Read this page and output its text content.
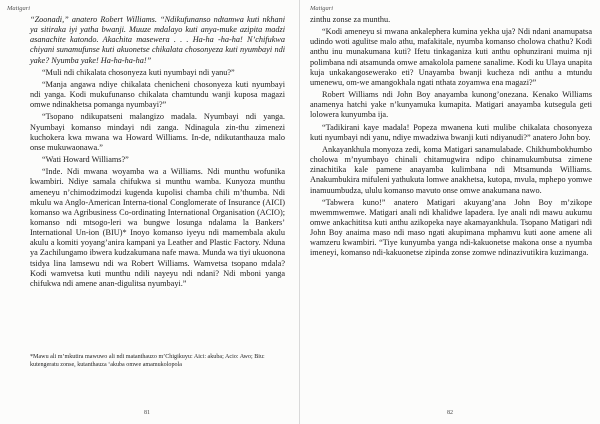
Matigari

“Zoonadi,” anatero Robert Williams. “Ndikufunanso ndtamwa kuti nkhani ya sitiraka iyi yatha bwanji. Muuze mdalayo kuti anya-muke azipita madzi asanachite katondo. Akachita masewera . . . Ha-ha -ha-ha! N’chifukwa chiyani sunamufunse kuti akuonetse chikalata chosonyeza kuti nyumbayi ndi yake? Nyumba yake! Ha-ha-ha-ha!”

“Muli ndi chikalata chosonyeza kuti nyumbayi ndi yanu?”

“Manja angawa ndiye chikalata chenicheni chosonyeza kuti nyumbayi ndi yanga. Kodi mukufunanso chikalata chamtundu wanji kuposa magazi omwe ndinakhetsa pomanga nyumbayi?”

“Tsopano ndikupatseni malangizo madala. Nyumbayi ndi yanga. Nyumbayi komanso mindayi ndi zanga. Ndinagula zin-thu zimenezi kuchokera kwa mwana wa Howard Williams. In-de, ndikutanthauza malo onse mukuwaonawa.”

“Wati Howard Williams?”

“Inde. Ndi mwana woyamba wa a Williams. Ndi munthu wofunika kwambiri. Ndiye samala chifukwa si munthu wamba. Kunyoza munthu ameneyu n’chimodzimodzi kugenda kupolisi chamba chili m’thumba. Ndi mkulu wa Anglo-American Interna-tional Conglomerate of Insurance (AICI) komanso wa Agribusiness Co-ordinating International Organisation (ACIO); komanso ndi mtsogo-leri wa bungwe losunga ndalama la Bankers’ International Un-ion (BIU)* Inoyo komanso iyeyu ndi mamembala akulu akulu a komiti yoyang’anira kampani ya Leather and Plastic Factory. Nduna ya Zachilungamo ibwera kudzakumana nafe mawa. Munda wa tiyi ukuonona tsidya lina lamsewu ndi wa Robert Williams. Wamvetsa tsopano mdala? Kodi wamvetsa kuti munthu ndili nayeyu ndi ndani? Ndi mboni yanga chifukwa ndi amene anan-digulitsa nyumbayi.”

*Mawu ali m’mkutira mawuwo ali ndi matanthauzo m’Chigikuyu: Aici: akuba; Acio: Awo; Biu: kutengeratu zonse, kutanthauza ‘akuba omwe amamukolopola
81
Matigari

zinthu zonse za munthu.

“Kodi ameneyu si mwana ankalephera kumina yekha uja? Ndi ndani anamupatsa udindo woti agulitse malo athu, mafakitale, nyumba komanso cholowa chathu? Kodi anthu inu munakumana kuti? Ifetu tinkaganiza kuti anthu ophunzirani muima nji polimbana ndi atsamunda omwe amakolola pamene sanalime. Kodi ku Ulaya unapita kuja unkakangosewerako eti? Unayamba bwanji kucheza ndi anthu a mtundu umenewu, om-we amangokhala ngati nthata zoyamwa ena magazi?”

Robert Williams ndi John Boy anayamba kunong’onezana. Kenako Williams anamenya hatchi yake n’kunyamuka kumapita. Matigari anayamba kutsegula geti lolowera kunyumba ija.

“Tadikirani kaye madala! Popeza mwanena kuti mulibe chikalata chosonyeza kuti nyumbayi ndi yanu, ndiye mwadziwa bwanji kuti ndiyanudi?” anatero John boy.

Ankayankhula monyoza zedi, koma Matigari sanamulabade. Chikhumbokhumbo cholowa m’nyumbayo chinali chitamugwira ndipo chinamukumbutsa zimene zinachitika kale pamene anayamba kulimbana ndi Mtsamunda Williams. Anakumbukira mifuleni yathukuta lomwe anakhetsa, kutopa, mvula, mphepo yomwe inamuumbudza, ululu komanso mavuto onse omwe anakumana nawo.

“Tabwera kuno!” anatero Matigari akuyang’ana John Boy m’zikope mwemmwemwe. Matigari anali ndi khalidwe lapadera. Iye anali ndi mawu aukumu omwe ankachititsa kuti anthu azikopeka naye akamayankhula. Tsopano Matigari ndi John Boy anaima maso ndi maso ngati akupimana mphamvu kuti aone amene ali wamzeru kwambiri. “Tiye kunyumba yanga ndi-kakuonetse makona onse a nyumba imeneyi, komanso ndi-kakuonetse zipinda zonse zomwe ndinazivutikira kuzimanga.

82
